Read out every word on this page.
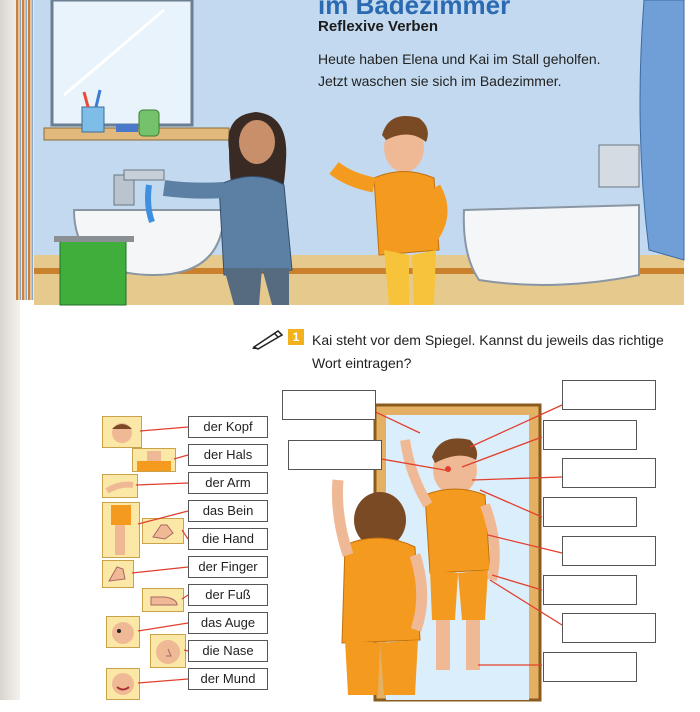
Reflexive Verben
Heute haben Elena und Kai im Stall geholfen.
Jetzt waschen sie sich im Badezimmer.
1 Kai steht vor dem Spiegel. Kannst du jeweils das richtige Wort eintragen?
der Kopf
der Hals
der Arm
das Bein
die Hand
der Finger
der Fuß
das Auge
die Nase
der Mund
